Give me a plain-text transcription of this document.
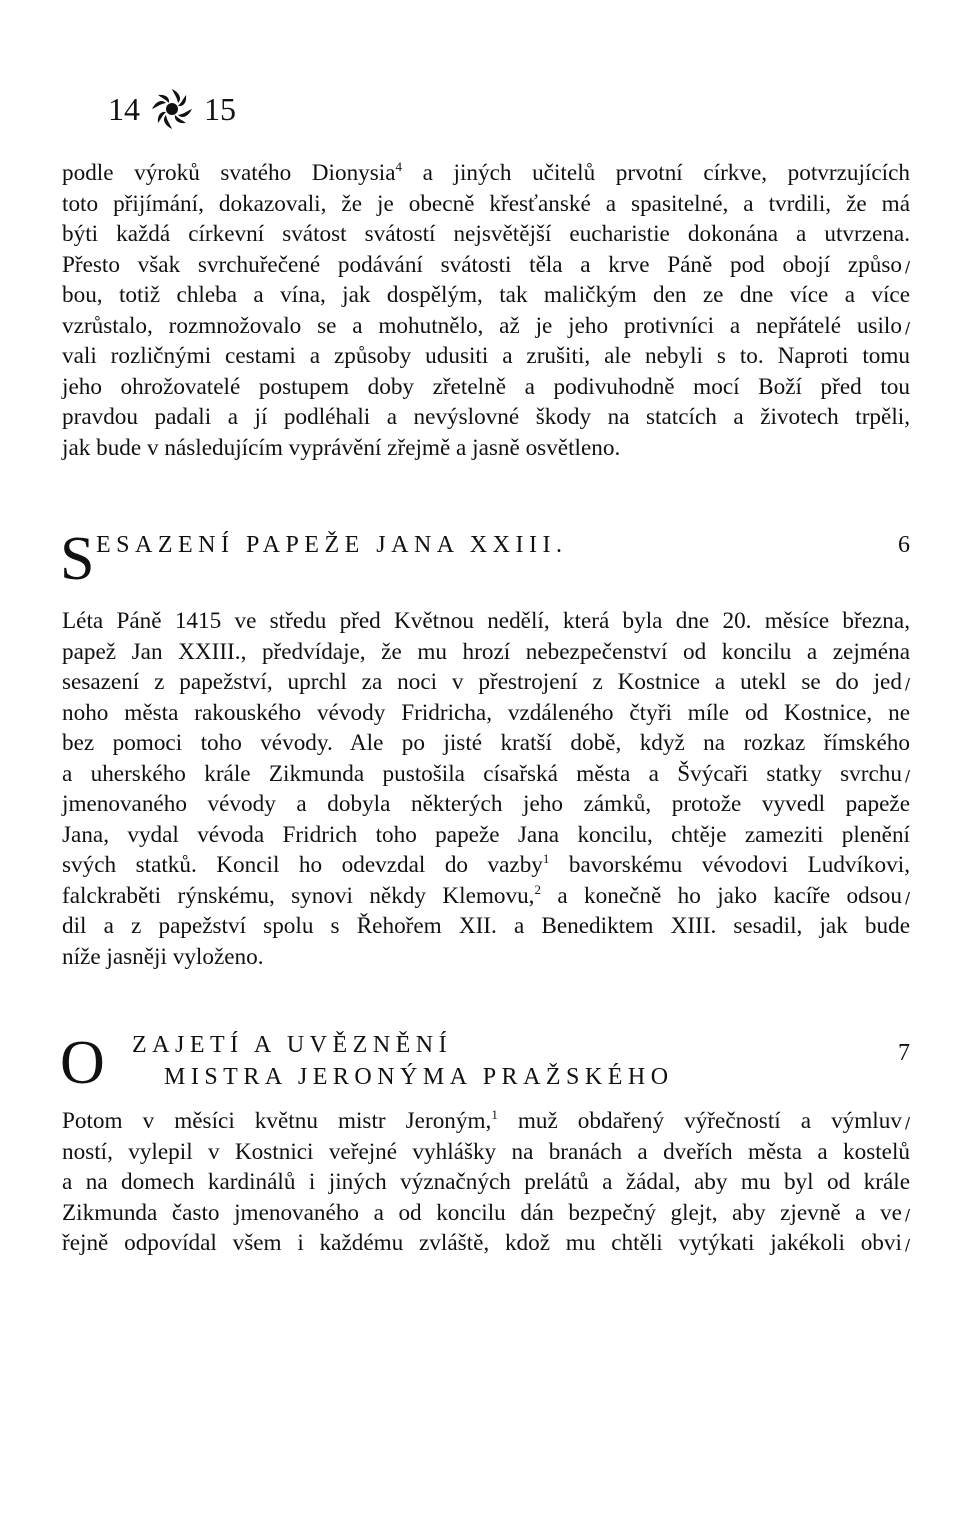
14 15
podle výroků svatého Dionysia$^4$ a jiných učitelů prvotní církve, potvrzujících
toto přijímání, dokazovali, že je obecně křesťanské a spasitelné, a tvrdili, že má
býti každá církevní svátost svátostí nejsvětější eucharistie dokonána a utvrzena.
Přesto však svrchuřečené podávání svátosti těla a krve Páně pod obojí způso /
bou, totiž chleba a vína, jak dospělým, tak maličkým den ze dne více a více
vzrůstalo, rozmnožovalo se a mohutnělo, až je jeho protivníci a nepřátelé usilo /
vali rozličnými cestami a způsoby udusiti a zrušiti, ale nebyli s to. Naproti tomu
jeho ohrožovatelé postupem doby zřetelně a podivuhodně mocí Boží před tou
pravdou padali a jí podléhali a nevýslovné škody na statcích a životech trpěli,
jak bude v následujícím vyprávění zřejmě a jasně osvětleno.
S ESAZENÍ PAPEŽE JANA XXIII.	6
Léta Páně 1415 ve středu před Květnou nedělí, která byla dne 20. měsíce března,
papež Jan XXIII., předvídaje, že mu hrozí nebezpečenství od koncilu a zejména
sesazení z papežství, uprchl za noci v přestrojení z Kostnice a utekl se do jed /
noho města rakouského vévody Fridricha, vzdáleného čtyři míle od Kostnice, ne
bez pomoci toho vévody. Ale po jisté kratší době, když na rozkaz římského
a uherského krále Zikmunda pustošila císařská města a Švýcaři statky svrchu /
jmenovaného vévody a dobyla některých jeho zámků, protože vyvedl papeže
Jana, vydal vévoda Fridrich toho papeže Jana koncilu, chtěje zameziti plenění
svých statků. Koncil ho odevzdal do vazby$^1$ bavorskému vévodovi Ludvíkovi,
falckraběti rýnskému, synovi někdy Klemovu,$^2$ a konečně ho jako kacíře odsou /
dil a z papežství spolu s Řehořem XII. a Benediktem XIII. sesadil, jak bude
níže jasněji vyloženo.
O ZAJETÍ A UVĚZNĚNÍ
MISTRA JERONÝMA PRAŽSKÉHO
7
Potom v měsíci květnu mistr Jeroným,$^1$ muž obdařený výřečností a výmluv /
ností, vylepil v Kostnici veřejné vyhlášky na branách a dveřích města a kostelů
a na domech kardinálů i jiných význačných prelátů a žádal, aby mu byl od krále
Zikmunda často jmenovaného a od koncilu dán bezpečný glejt, aby zjevně a ve /
řejně odpovídal všem i každému zvláště, kdož mu chtěli vytýkati jakékoli obvi /
